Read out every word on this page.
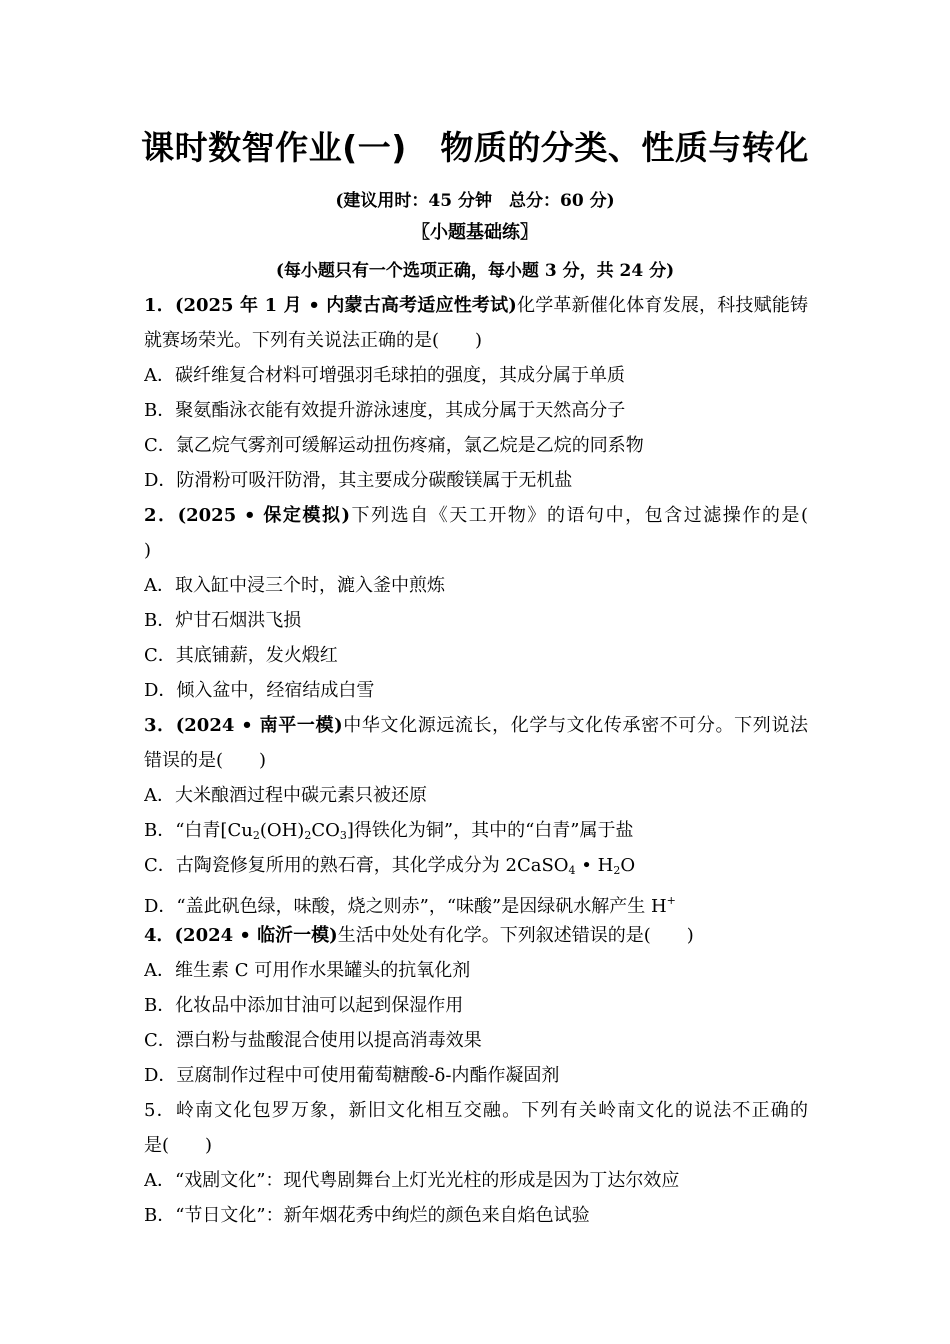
课时数智作业(一)　物质的分类、性质与转化
(建议用时：45 分钟　总分：60 分)
〖小题基础练〗
(每小题只有一个选项正确，每小题 3 分，共 24 分)
1．(2025 年 1 月 • 内蒙古高考适应性考试)化学革新催化体育发展，科技赋能铸
就赛场荣光。下列有关说法正确的是(　　)
A．碳纤维复合材料可增强羽毛球拍的强度，其成分属于单质
B．聚氨酯泳衣能有效提升游泳速度，其成分属于天然高分子
C．氯乙烷气雾剂可缓解运动扭伤疼痛，氯乙烷是乙烷的同系物
D．防滑粉可吸汗防滑，其主要成分碳酸镁属于无机盐
2．(2025 • 保定模拟)下列选自《天工开物》的语句中，包含过滤操作的是(
)
A．取入缸中浸三个时，漉入釜中煎炼
B．炉甘石烟洪飞损
C．其底铺薪，发火煅红
D．倾入盆中，经宿结成白雪
3．(2024 • 南平一模)中华文化源远流长，化学与文化传承密不可分。下列说法
错误的是(　　)
A．大米酿酒过程中碳元素只被还原
B．“白青$[Cu_2(OH)_2CO_3]$得铁化为铜”，其中的“白青”属于盐
C．古陶瓷修复所用的熟石膏，其化学成分为 2CaSO$_4$ • $H_2O$
D．“盖此矾色绿，味酸，烧之则赤”，“味酸”是因绿矾水解产生 H+
4．(2024 • 临沂一模)生活中处处有化学。下列叙述错误的是(　　)
A．维生素 C 可用作水果罐头的抗氧化剂
B．化妆品中添加甘油可以起到保湿作用
C．漂白粉与盐酸混合使用以提高消毒效果
D．豆腐制作过程中可使用葡萄糖酸-δ-内酯作凝固剂
5．岭南文化包罗万象，新旧文化相互交融。下列有关岭南文化的说法不正确的
是(　　)
A．“戏剧文化”：现代粤剧舞台上灯光光柱的形成是因为丁达尔效应
B．“节日文化”：新年烟花秀中绚烂的颜色来自焰色试验
